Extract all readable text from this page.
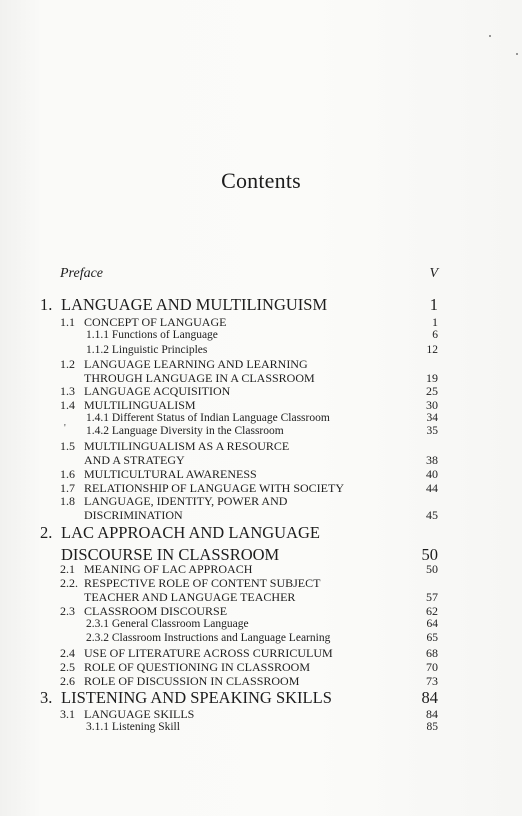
Contents
Preface	V
'
1. LANGUAGE AND MULTILINGUISM	1
1.1 CONCEPT OF LANGUAGE	1
1.1.1 Functions of Language	6
1.1.2 Linguistic Principles	12
1.2 LANGUAGE LEARNING AND LEARNING
THROUGH LANGUAGE IN A CLASSROOM	19
1.3 LANGUAGE ACQUISITION	25
1.4 MULTILINGUALISM	30
1.4.1 Different Status of Indian Language Classroom	34
1.4.2 Language Diversity in the Classroom	35
1.5 MULTILINGUALISM AS A RESOURCE
AND A STRATEGY	38
1.6 MULTICULTURAL AWARENESS	40
1.7 RELATIONSHIP OF LANGUAGE WITH SOCIETY	44
1.8 LANGUAGE, IDENTITY, POWER AND
DISCRIMINATION	45
2. LAC APPROACH AND LANGUAGE
DISCOURSE IN CLASSROOM	50
2.1 MEANING OF LAC APPROACH	50
2.2. RESPECTIVE ROLE OF CONTENT SUBJECT
TEACHER AND LANGUAGE TEACHER	57
2.3 CLASSROOM DISCOURSE	62
2.3.1 General Classroom Language	64
2.3.2 Classroom Instructions and Language Learning	65
2.4 USE OF LITERATURE ACROSS CURRICULUM	68
2.5 ROLE OF QUESTIONING IN CLASSROOM	70
2.6 ROLE OF DISCUSSION IN CLASSROOM	73
3. LISTENING AND SPEAKING SKILLS	84
3.1 LANGUAGE SKILLS	84
3.1.1 Listening Skill	85
